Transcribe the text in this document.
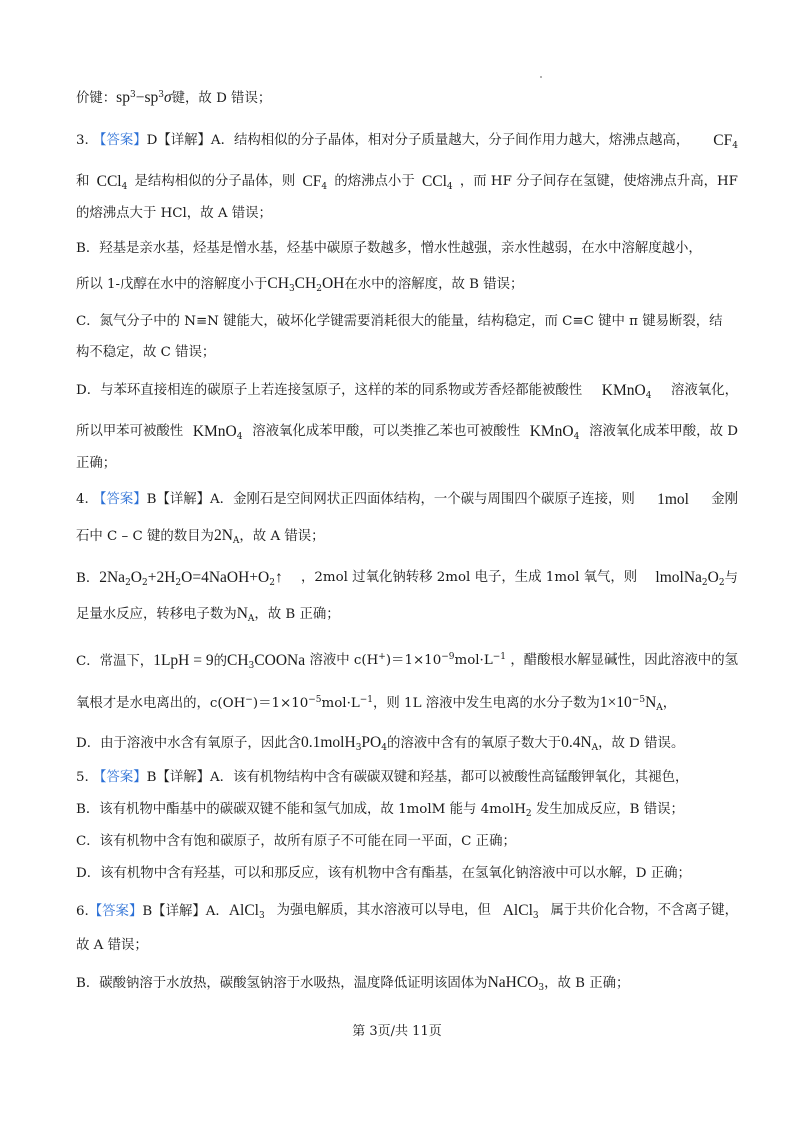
价键：$sp^3-sp^3\sigma$键，故 D 错误；
3. 【答案】D【详解】A．结构相似的分子晶体，相对分子质量越大，分子间作用力越大，熔沸点越高， $CF_4$
和 CCl$_4$ 是结构相似的分子晶体，则 $CF_4$ 的熔沸点小于 CCl$_4$ ，而 HF 分子间存在氢键，使熔沸点升高，HF
的熔沸点大于 HCl，故 A 错误；
B．羟基是亲水基，烃基是憎水基，烃基中碳原子数越多，憎水性越强，亲水性越弱，在水中溶解度越小，
所以 1-戊醇在水中的溶解度小于$CH_3CH_2OH$在水中的溶解度，故 B 错误；
C．氮气分子中的 N≡N 键能大，破坏化学键需要消耗很大的能量，结构稳定，而 C≡C 键中 π 键易断裂，结
构不稳定，故 C 错误；
D．与苯环直接相连的碳原子上若连接氢原子，这样的苯的同系物或芳香烃都能被酸性 KMnO$_4$ 溶液氧化，
所以甲苯可被酸性 KMnO$_4$ 溶液氧化成苯甲酸，可以类推乙苯也可被酸性 KMnO$_4$ 溶液氧化成苯甲酸，故 D
正确；
4. 【答案】B【详解】A．金刚石是空间网状正四面体结构，一个碳与周围四个碳原子连接，则 1mol 金刚
石中 C – C 键的数目为$2N_A$，故 A 错误；
B．$2Na_2O_2+2H_2O=4NaOH+O_2↑$ ，2mol 过氧化钠转移 2mol 电子，生成 1mol 氧气，则 $lmolNa_2O_2$与
足量水反应，转移电子数为$N_A$，故 B 正确；
C．常温下，1LpH = 9的$CH_3COONa$ 溶液中 $c(H^+)=1\times 10^{-9}mol\cdot L^{-1}$ ，醋酸根水解显碱性，因此溶液中的氢
氧根才是水电离出的，$c(OH^-)=1\times 10^{-5}mol\cdot L^{-1}$，则 1L 溶液中发生电离的水分子数为$1\times 10^{-5}N_A$，
D．由于溶液中水含有氧原子，因此含$0.1molH_3PO_4$的溶液中含有的氧原子数大于$0.4N_A$，故 D 错误。
5. 【答案】B【详解】A．该有机物结构中含有碳碳双键和羟基，都可以被酸性高锰酸钾氧化，其褪色，
B．该有机物中酯基中的碳碳双键不能和氢气加成，故 1molM 能与 4molH$_2$ 发生加成反应，B 错误；
C．该有机物中含有饱和碳原子，故所有原子不可能在同一平面，C 正确；
D．该有机物中含有羟基，可以和那反应，该有机物中含有酯基，在氢氧化钠溶液中可以水解，D 正确；
6.【答案】B【详解】A．AlCl$_3$ 为强电解质，其水溶液可以导电，但 AlCl$_3$ 属于共价化合物，不含离子键，
故 A 错误；
B．碳酸钠溶于水放热，碳酸氢钠溶于水吸热，温度降低证明该固体为NaHCO$_3$，故 B 正确；
第 3页/共 11页
